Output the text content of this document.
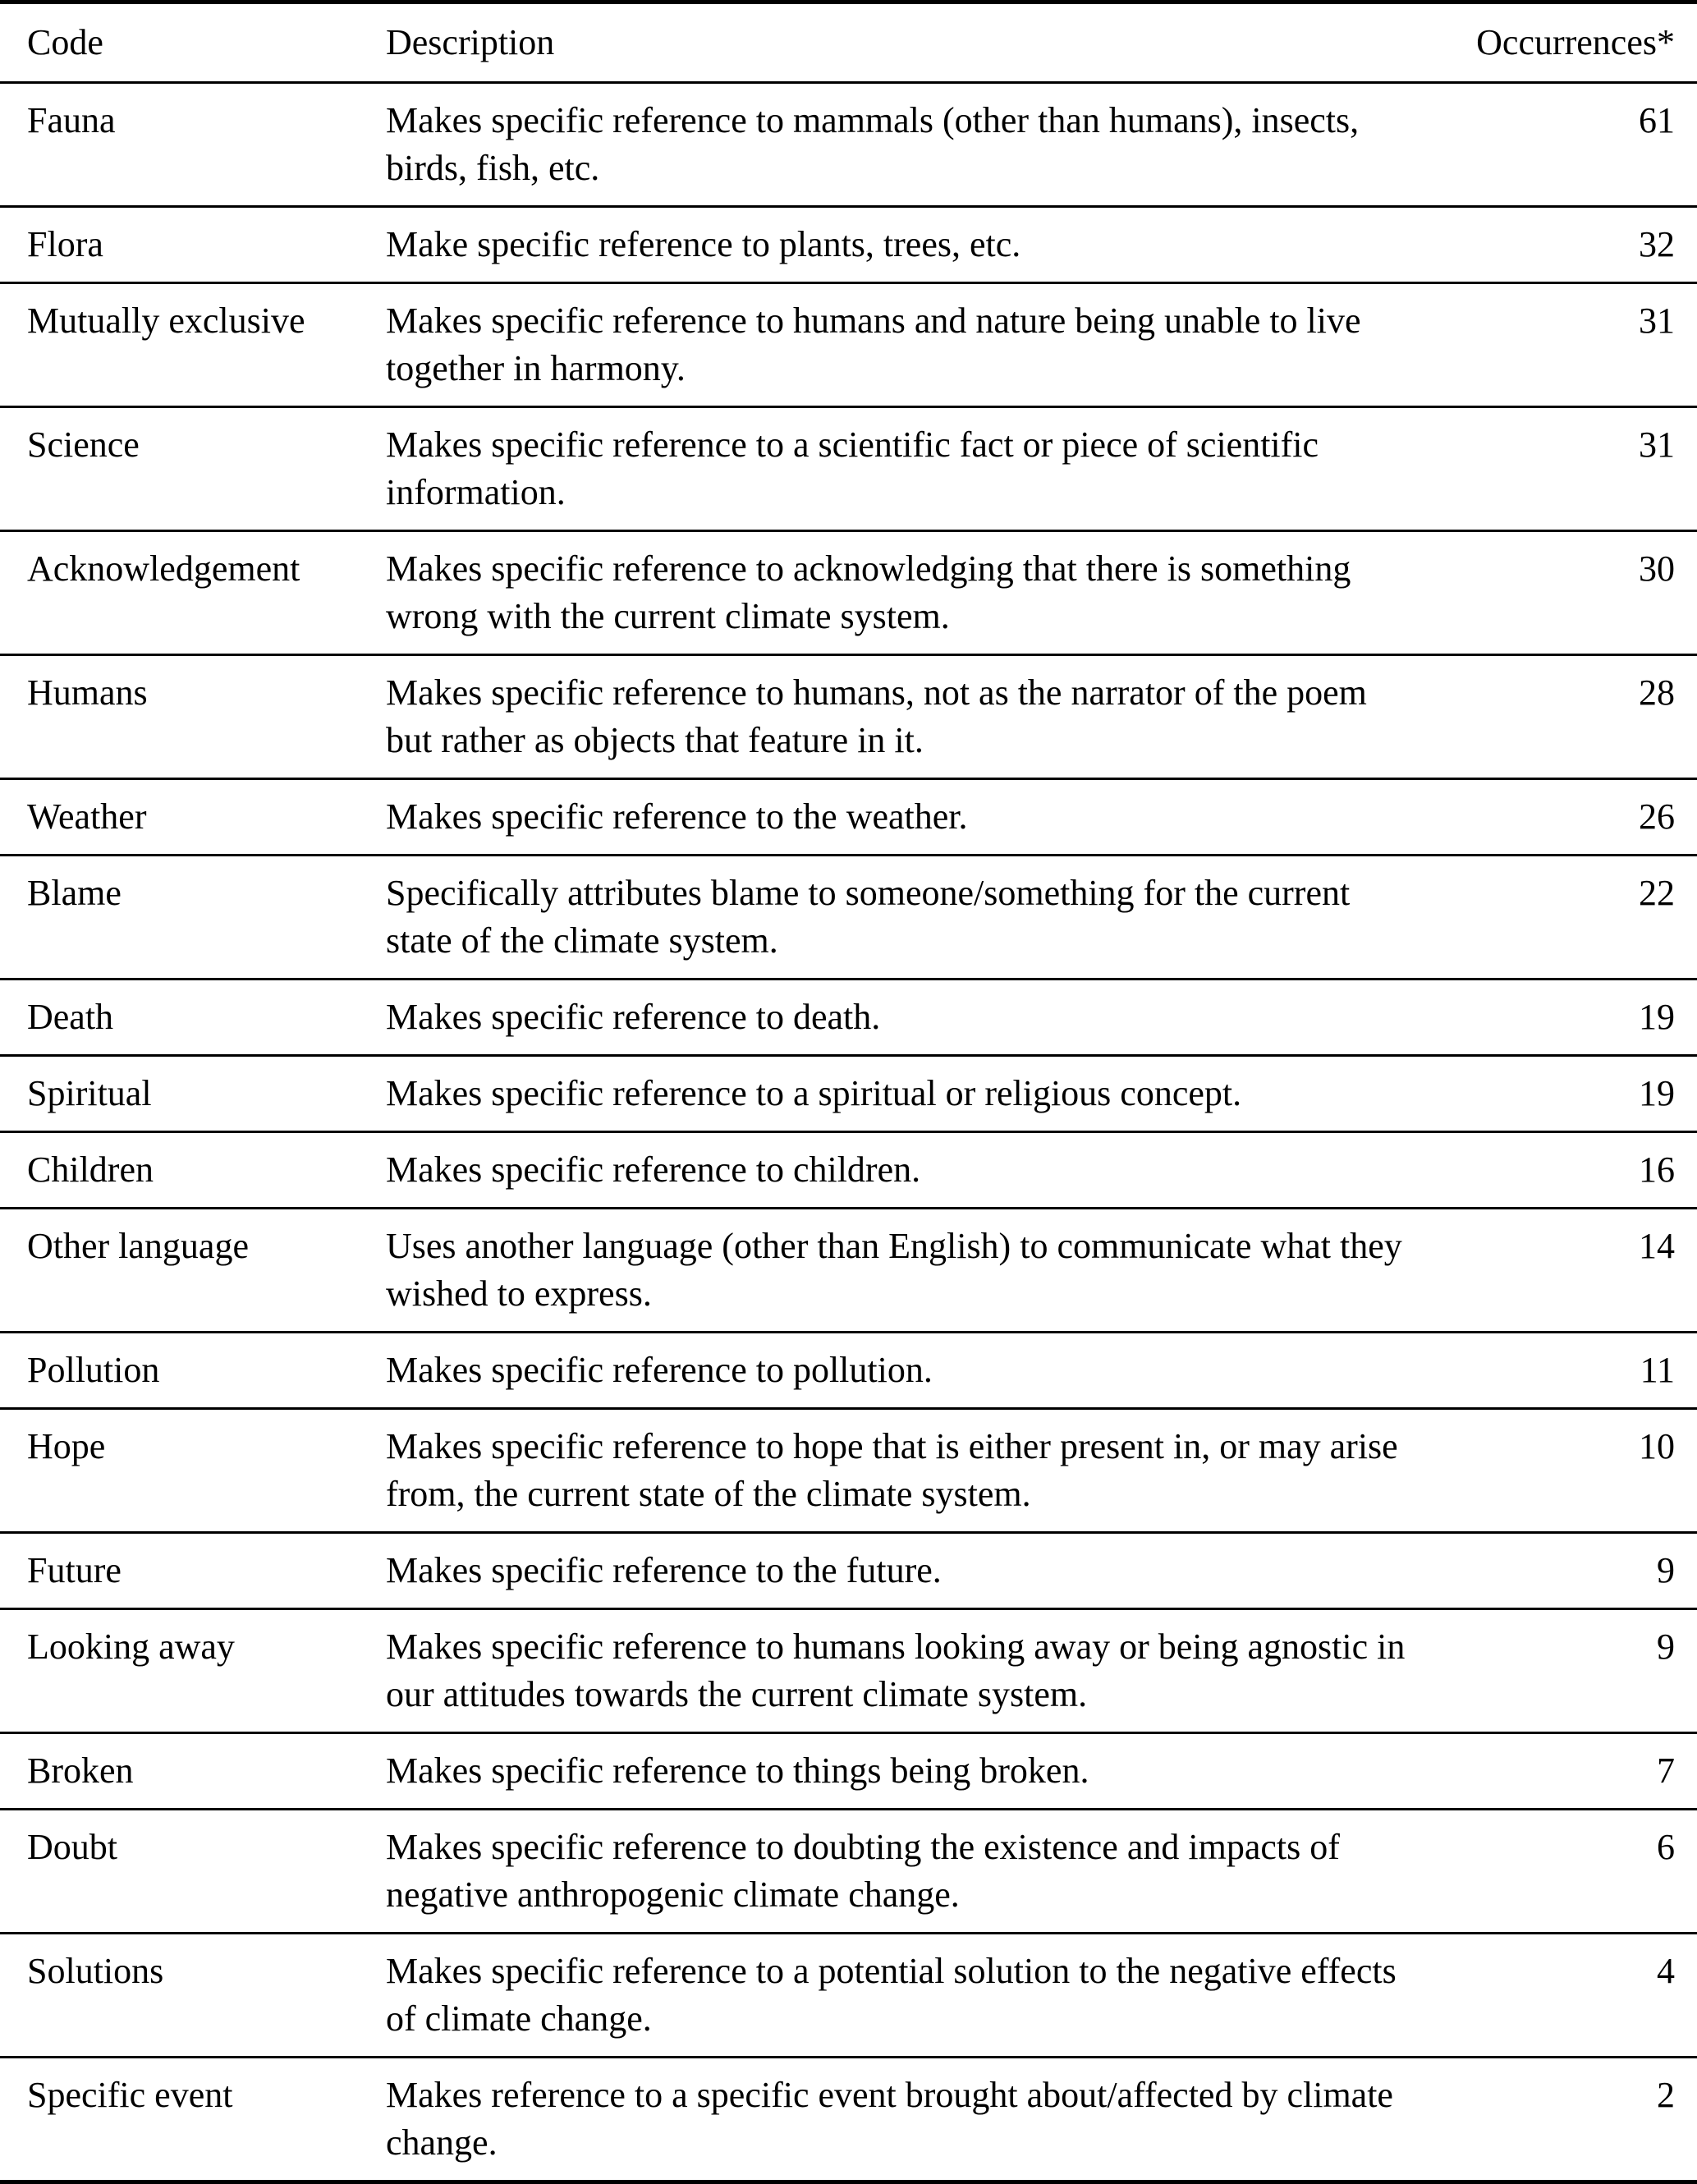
Code	Description	Occurrences*
Fauna	Makes specific reference to mammals (other than humans), insects, birds, fish, etc.	61
Flora	Make specific reference to plants, trees, etc.	32
Mutually exclusive	Makes specific reference to humans and nature being unable to live together in harmony.	31
Science	Makes specific reference to a scientific fact or piece of scientific information.	31
Acknowledgement	Makes specific reference to acknowledging that there is something wrong with the current climate system.	30
Humans	Makes specific reference to humans, not as the narrator of the poem but rather as objects that feature in it.	28
Weather	Makes specific reference to the weather.	26
Blame	Specifically attributes blame to someone/something for the current state of the climate system.	22
Death	Makes specific reference to death.	19
Spiritual	Makes specific reference to a spiritual or religious concept.	19
Children	Makes specific reference to children.	16
Other language	Uses another language (other than English) to communicate what they wished to express.	14
Pollution	Makes specific reference to pollution.	11
Hope	Makes specific reference to hope that is either present in, or may arise from, the current state of the climate system.	10
Future	Makes specific reference to the future.	9
Looking away	Makes specific reference to humans looking away or being agnostic in our attitudes towards the current climate system.	9
Broken	Makes specific reference to things being broken.	7
Doubt	Makes specific reference to doubting the existence and impacts of negative anthropogenic climate change.	6
Solutions	Makes specific reference to a potential solution to the negative effects of climate change.	4
Specific event	Makes reference to a specific event brought about/affected by climate change.	2
